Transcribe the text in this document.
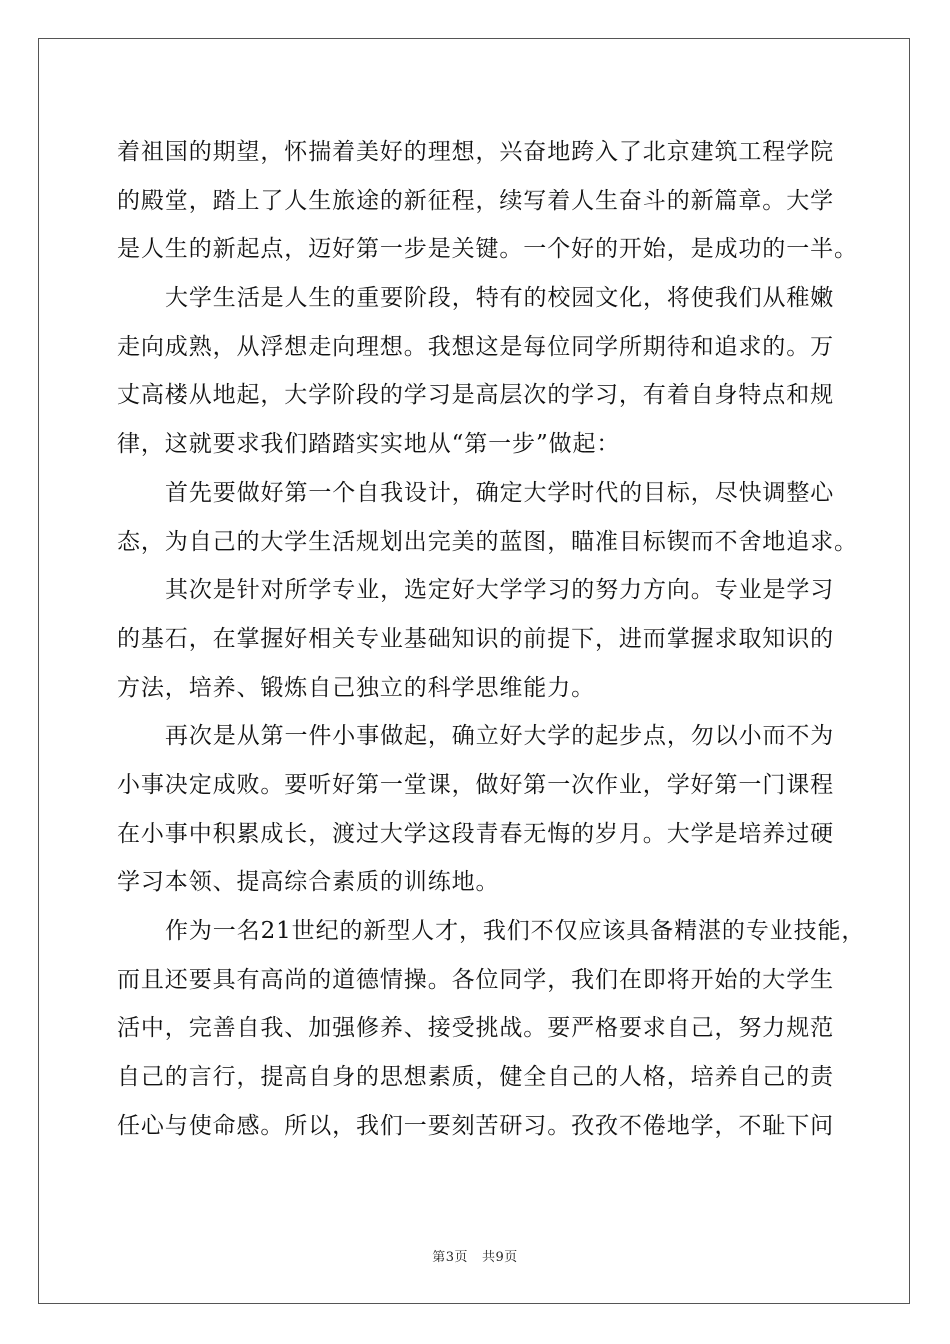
着祖国的期望，怀揣着美好的理想，兴奋地跨入了北京建筑工程学院
的殿堂，踏上了人生旅途的新征程，续写着人生奋斗的新篇章。大学
是人生的新起点，迈好第一步是关键。一个好的开始，是成功的一半。
大学生活是人生的重要阶段，特有的校园文化，将使我们从稚嫩
走向成熟，从浮想走向理想。我想这是每位同学所期待和追求的。万
丈高楼从地起，大学阶段的学习是高层次的学习，有着自身特点和规
律，这就要求我们踏踏实实地从“第一步”做起：
首先要做好第一个自我设计，确定大学时代的目标，尽快调整心
态，为自己的大学生活规划出完美的蓝图，瞄准目标锲而不舍地追求。
其次是针对所学专业，选定好大学学习的努力方向。专业是学习
的基石，在掌握好相关专业基础知识的前提下，进而掌握求取知识的
方法，培养、锻炼自己独立的科学思维能力。
再次是从第一件小事做起，确立好大学的起步点，勿以小而不为
小事决定成败。要听好第一堂课，做好第一次作业，学好第一门课程
在小事中积累成长，渡过大学这段青春无悔的岁月。大学是培养过硬
学习本领、提高综合素质的训练地。
作为一名21世纪的新型人才，我们不仅应该具备精湛的专业技能，
而且还要具有高尚的道德情操。各位同学，我们在即将开始的大学生
活中，完善自我、加强修养、接受挑战。要严格要求自己，努力规范
自己的言行，提高自身的思想素质，健全自己的人格，培养自己的责
任心与使命感。所以，我们一要刻苦研习。孜孜不倦地学，不耻下问
第3页 共9页
